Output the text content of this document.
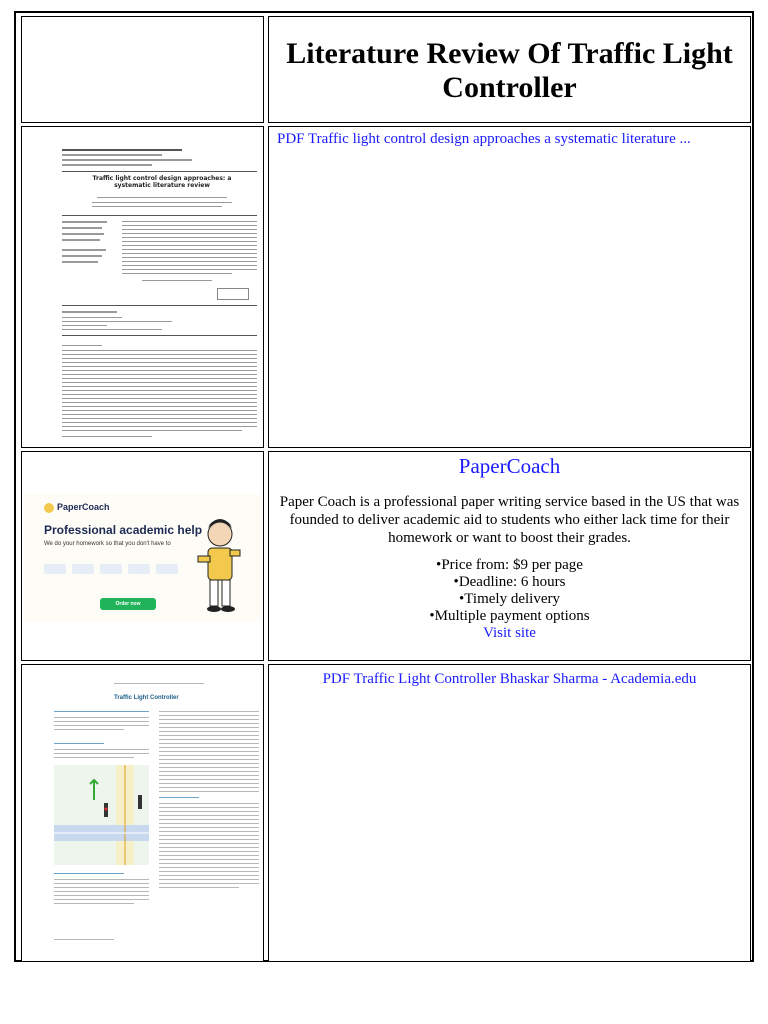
Literature Review Of Traffic Light Controller
Traffic light control design approaches: a systematic literature review
PDF Traffic light control design approaches a systematic literature ...
PaperCoach
Professional academic help
We do your homework so that you don't have to
Order now
PaperCoach
Paper Coach is a professional paper writing service based in the US that was founded to deliver academic aid to students who either lack time for their homework or want to boost their grades.
• Price from: $9 per page
• Deadline: 6 hours
• Timely delivery
• Multiple payment options
Visit site
Traffic Light Controller
PDF Traffic Light Controller Bhaskar Sharma - Academia.edu
